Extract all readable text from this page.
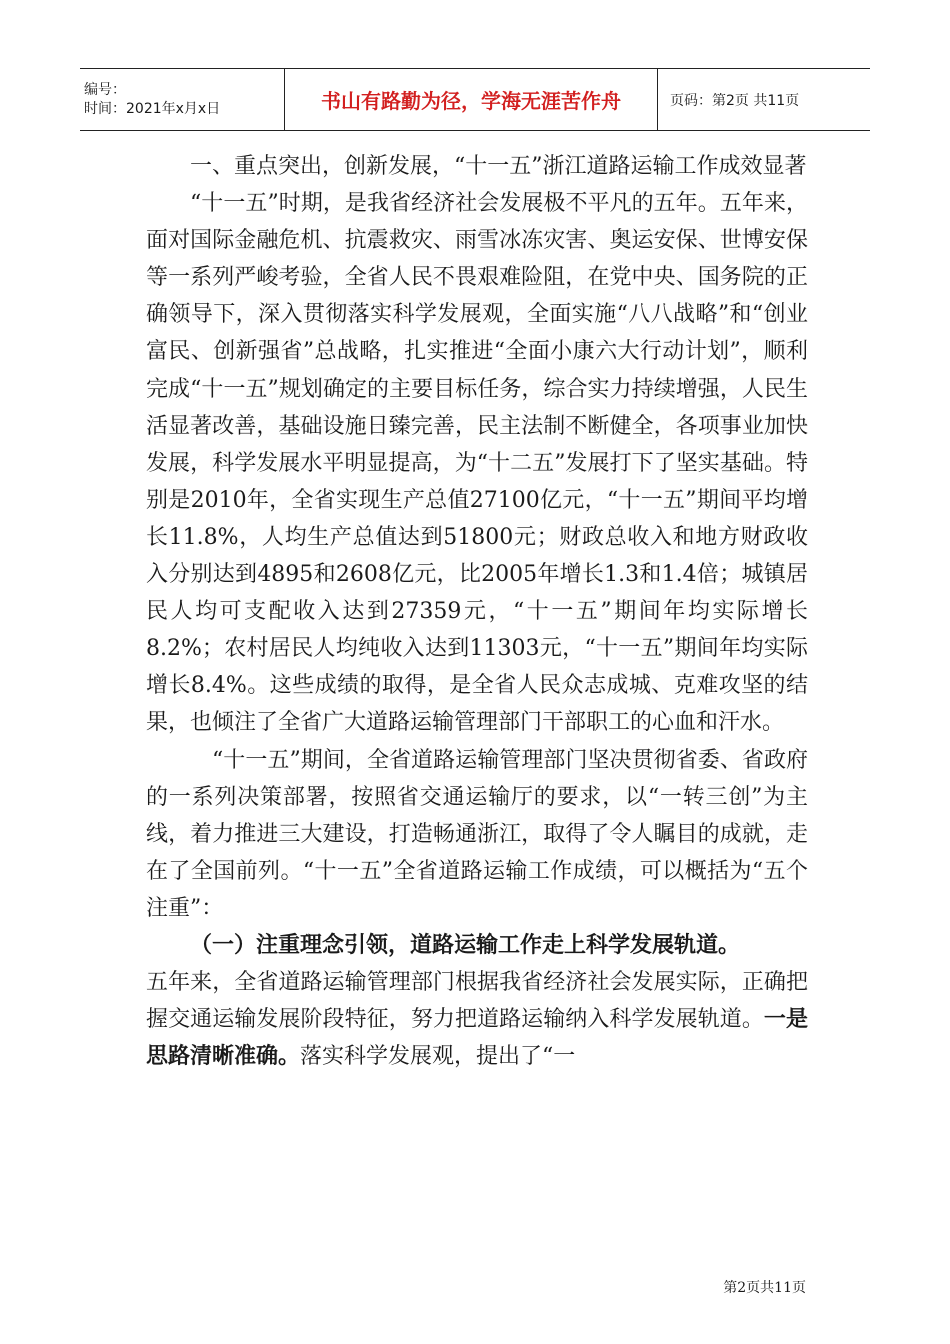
编号：
时间：2021年x月x日	书山有路勤为径，学海无涯苦作舟	页码：第2页 共11页

一、重点突出，创新发展，“十一五”浙江道路运输工作成效显著

“十一五”时期，是我省经济社会发展极不平凡的五年。五年来，面对国际金融危机、抗震救灾、雨雪冰冻灾害、奥运安保、世博安保等一系列严峻考验，全省人民不畏艰难险阻，在党中央、国务院的正确领导下，深入贯彻落实科学发展观，全面实施“八八战略”和“创业富民、创新强省”总战略，扎实推进“全面小康六大行动计划”，顺利完成“十一五”规划确定的主要目标任务，综合实力持续增强，人民生活显著改善，基础设施日臻完善，民主法制不断健全，各项事业加快发展，科学发展水平明显提高，为“十二五”发展打下了坚实基础。特别是2010年，全省实现生产总值27100亿元，“十一五”期间平均增长11.8%，人均生产总值达到51800元；财政总收入和地方财政收入分别达到4895和2608亿元，比2005年增长1.3和1.4倍；城镇居民人均可支配收入达到27359元，“十一五”期间年均实际增长8.2%；农村居民人均纯收入达到11303元，“十一五”期间年均实际增长8.4%。这些成绩的取得，是全省人民众志成城、克难攻坚的结果，也倾注了全省广大道路运输管理部门干部职工的心血和汗水。

“十一五”期间，全省道路运输管理部门坚决贯彻省委、省政府的一系列决策部署，按照省交通运输厅的要求，以“一转三创”为主线，着力推进三大建设，打造畅通浙江，取得了令人瞩目的成就，走在了全国前列。“十一五”全省道路运输工作成绩，可以概括为“五个注重”：

（一）注重理念引领，道路运输工作走上科学发展轨道。

五年来，全省道路运输管理部门根据我省经济社会发展实际，正确把握交通运输发展阶段特征，努力把道路运输纳入科学发展轨道。一是思路清晰准确。落实科学发展观，提出了“一

第2页共11页
